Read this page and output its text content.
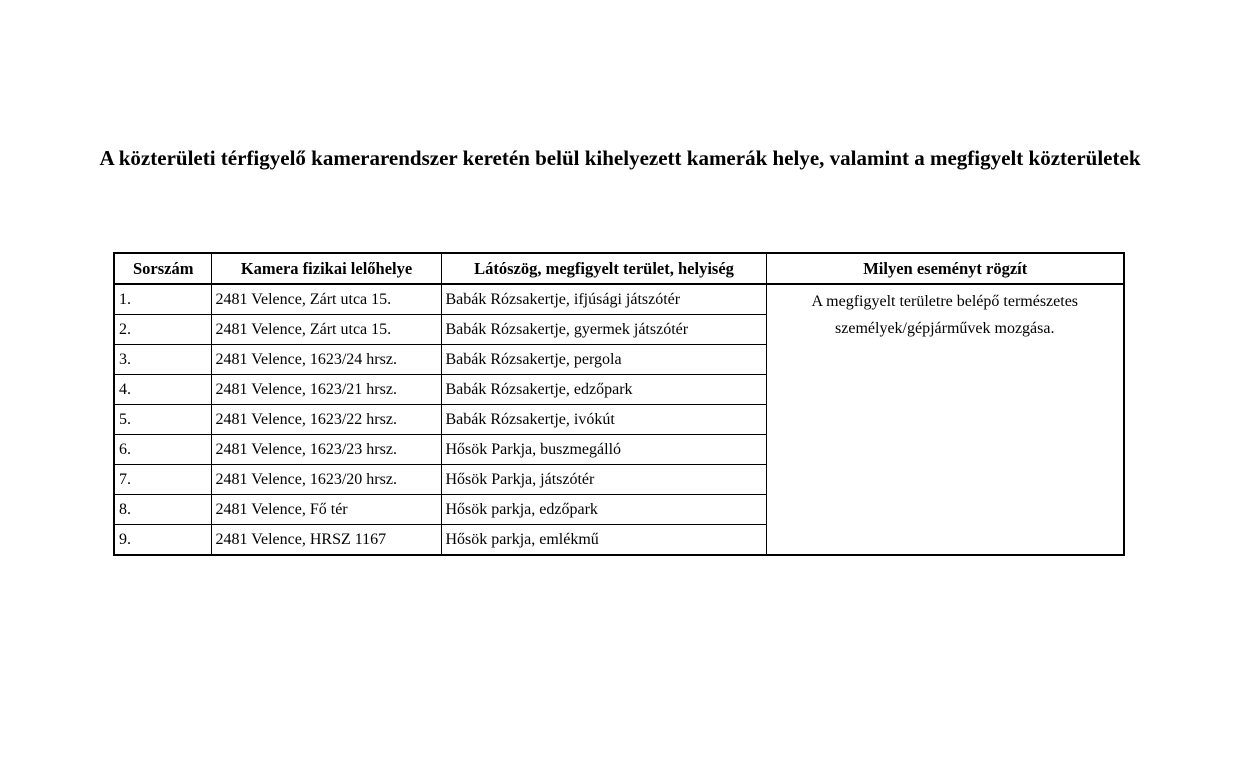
A közterületi térfigyelő kamerarendszer keretén belül kihelyezett kamerák helye, valamint a megfigyelt közterületek
Sorszám	Kamera fizikai lelőhelye	Látószög, megfigyelt terület, helyiség	Milyen eseményt rögzít
1.	2481 Velence, Zárt utca 15.	Babák Rózsakertje, ifjúsági játszótér	A megfigyelt területre belépő természetes személyek/gépjárművek mozgása.
2.	2481 Velence, Zárt utca 15.	Babák Rózsakertje, gyermek játszótér	
3.	2481 Velence, 1623/24 hrsz.	Babák Rózsakertje, pergola	
4.	2481 Velence, 1623/21 hrsz.	Babák Rózsakertje, edzőpark	
5.	2481 Velence, 1623/22 hrsz.	Babák Rózsakertje, ivókút	
6.	2481 Velence, 1623/23 hrsz.	Hősök Parkja, buszmegálló	
7.	2481 Velence, 1623/20 hrsz.	Hősök Parkja, játszótér	
8.	2481 Velence, Fő tér	Hősök parkja, edzőpark	
9.	2481 Velence, HRSZ 1167	Hősök parkja, emlékmű	
